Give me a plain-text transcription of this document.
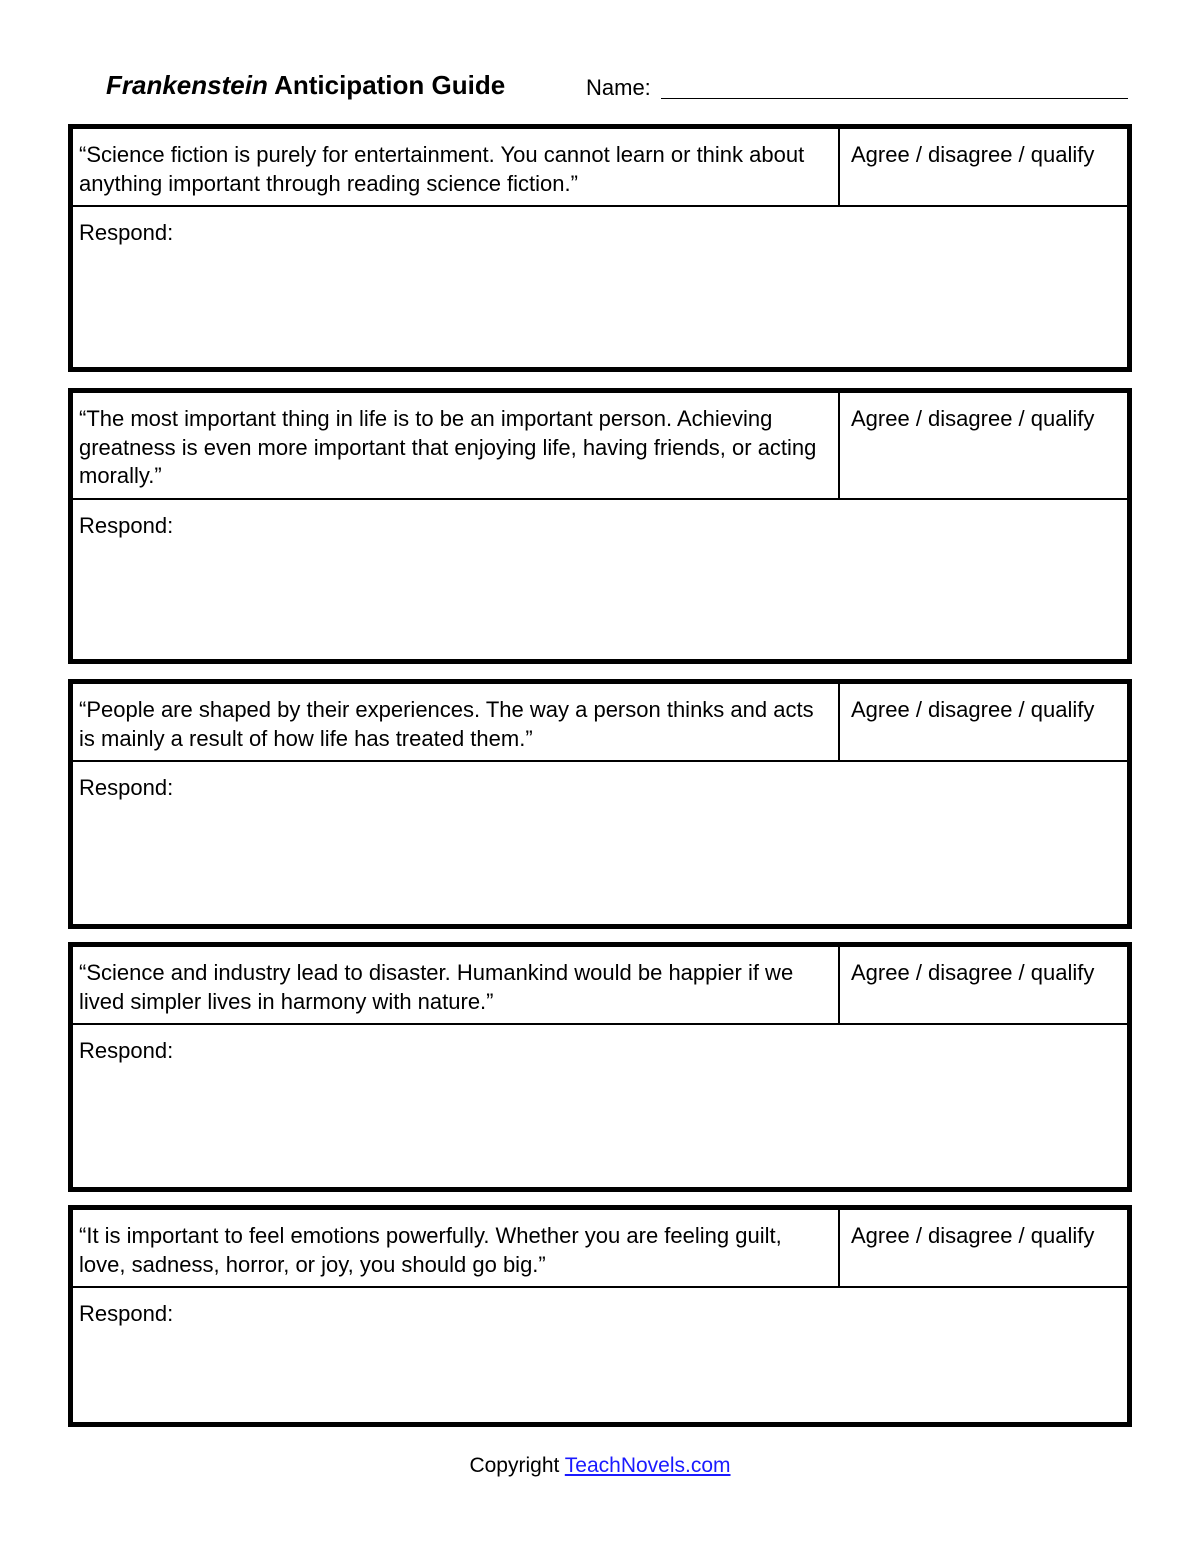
Frankenstein Anticipation Guide	Name:
“Science fiction is purely for entertainment. You cannot learn or think about anything important through reading science fiction.”
Agree / disagree / qualify
Respond:
“The most important thing in life is to be an important person. Achieving greatness is even more important that enjoying life, having friends, or acting morally.”
Agree / disagree / qualify
Respond:
“People are shaped by their experiences. The way a person thinks and acts is mainly a result of how life has treated them.”
Agree / disagree / qualify
Respond:
“Science and industry lead to disaster. Humankind would be happier if we lived simpler lives in harmony with nature.”
Agree / disagree / qualify
Respond:
“It is important to feel emotions powerfully. Whether you are feeling guilt, love, sadness, horror, or joy, you should go big.”
Agree / disagree / qualify
Respond:
Copyright TeachNovels.com
